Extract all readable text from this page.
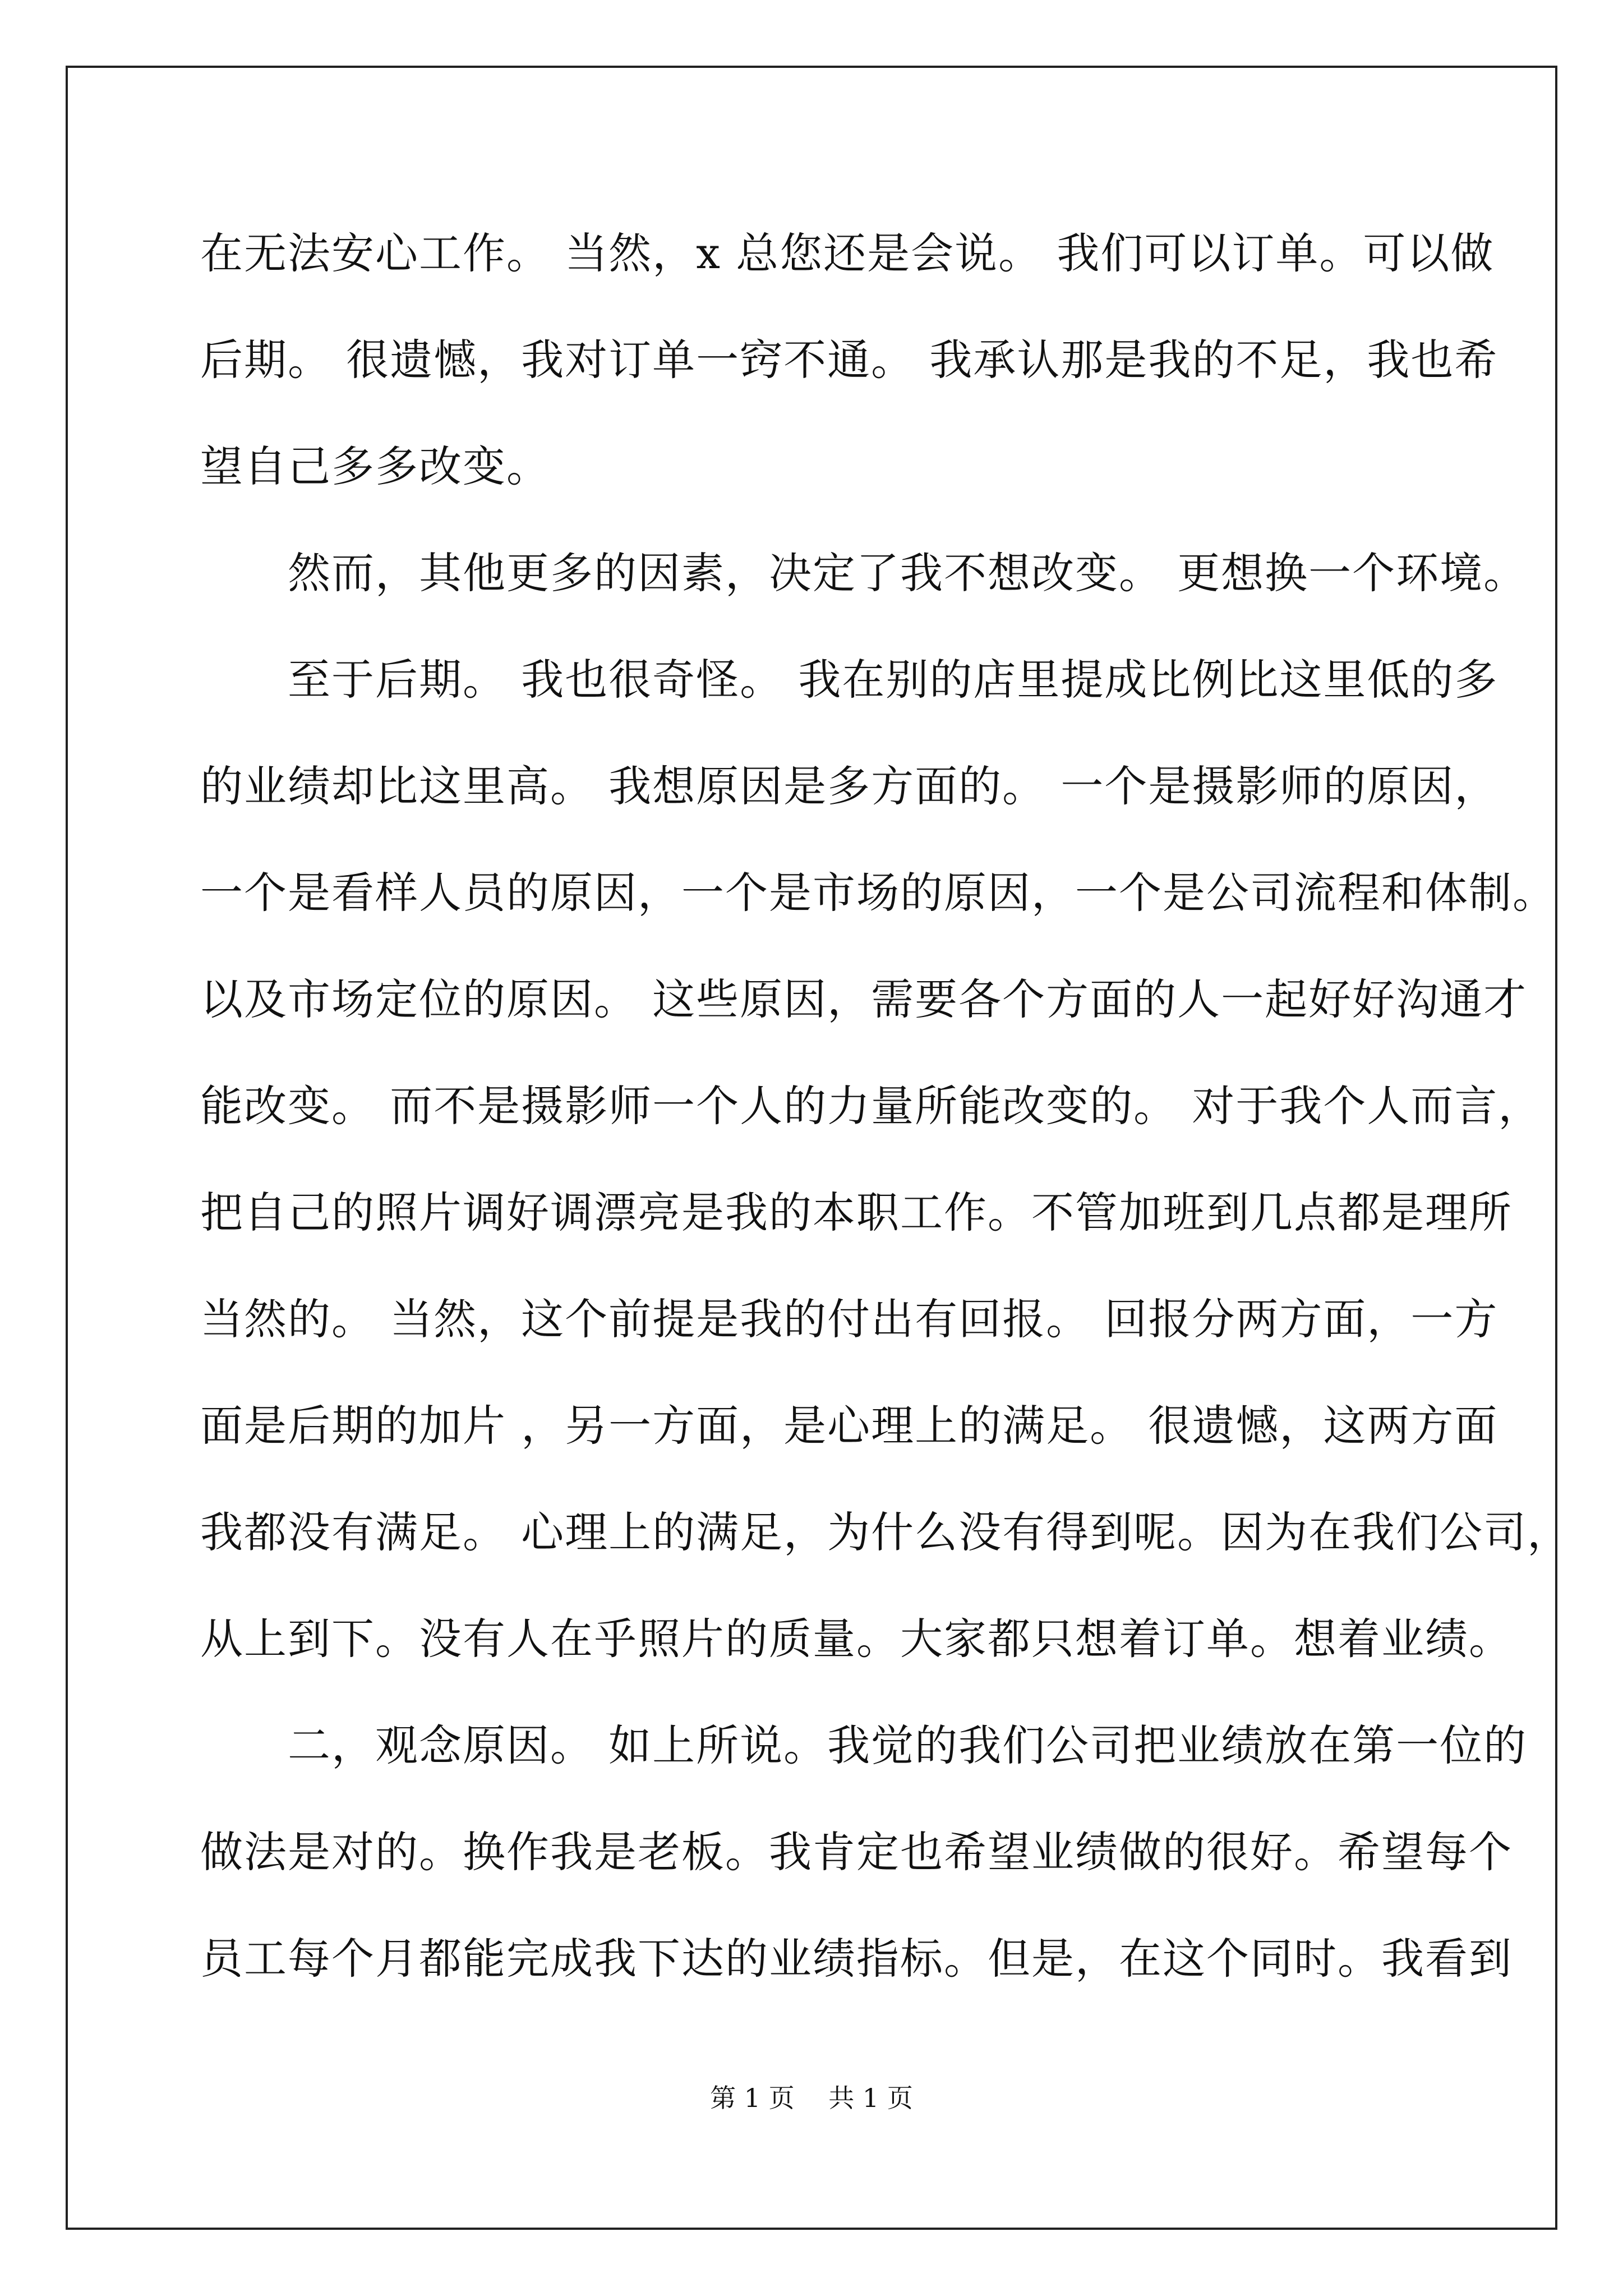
在无法安心工作。 当然，x 总您还是会说。 我们可以订单。可以做
后期。 很遗憾，我对订单一窍不通。 我承认那是我的不足，我也希
望自己多多改变。
　　然而，其他更多的因素，决定了我不想改变。 更想换一个环境。
　　至于后期。 我也很奇怪。 我在别的店里提成比例比这里低的多
的业绩却比这里高。 我想原因是多方面的。 一个是摄影师的原因，
一个是看样人员的原因，一个是市场的原因，一个是公司流程和体制。
以及市场定位的原因。 这些原因，需要各个方面的人一起好好沟通才
能改变。 而不是摄影师一个人的力量所能改变的。 对于我个人而言，
把自己的照片调好调漂亮是我的本职工作。不管加班到几点都是理所
当然的。 当然，这个前提是我的付出有回报。 回报分两方面，一方
面是后期的加片 ，另一方面，是心理上的满足。 很遗憾，这两方面
我都没有满足。 心理上的满足，为什么没有得到呢。因为在我们公司，
从上到下。没有人在乎照片的质量。大家都只想着订单。想着业绩。
　　二，观念原因。 如上所说。我觉的我们公司把业绩放在第一位的
做法是对的。换作我是老板。我肯定也希望业绩做的很好。希望每个
员工每个月都能完成我下达的业绩指标。但是，在这个同时。我看到
第 1 页　 共 1 页
